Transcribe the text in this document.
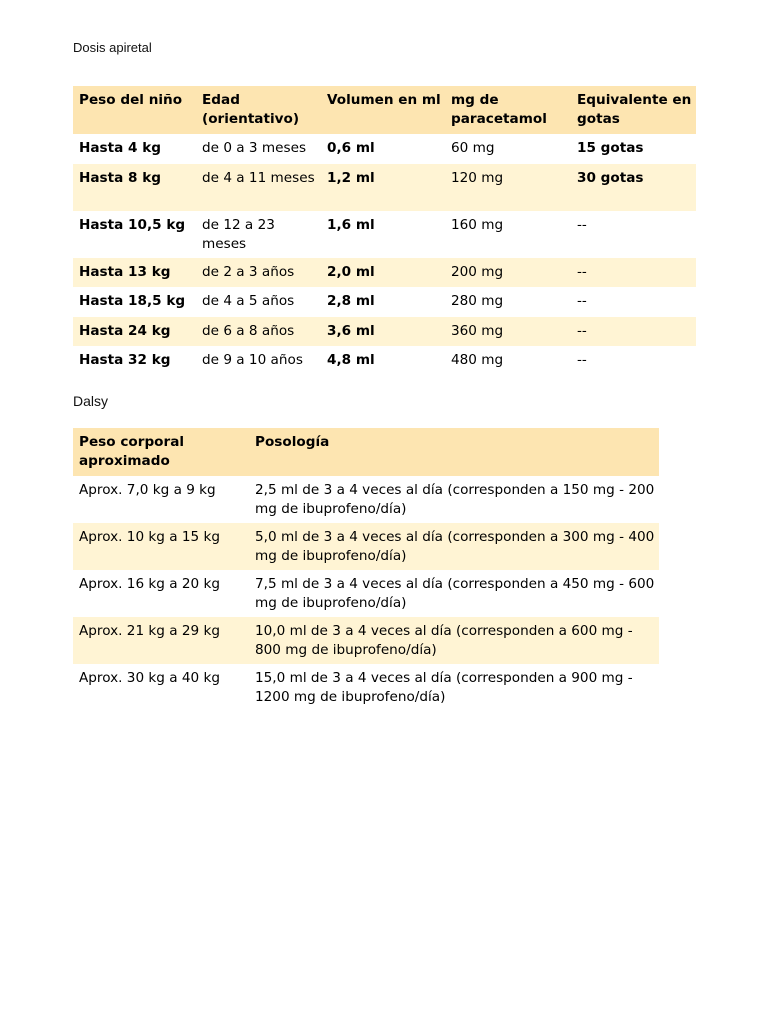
Dosis apiretal
Peso del niño	Edad (orientativo)	Volumen en ml	mg de paracetamol	Equivalente en gotas
Hasta 4 kg	de 0 a 3 meses	0,6 ml	60 mg	15 gotas
Hasta 8 kg	de 4 a 11 meses	1,2 ml	120 mg	30 gotas
Hasta 10,5 kg	de 12 a 23 meses	1,6 ml	160 mg	--
Hasta 13 kg	de 2 a 3 años	2,0 ml	200 mg	--
Hasta 18,5 kg	de 4 a 5 años	2,8 ml	280 mg	--
Hasta 24 kg	de 6 a 8 años	3,6 ml	360 mg	--
Hasta 32 kg	de 9 a 10 años	4,8 ml	480 mg	--
Dalsy
Peso corporal aproximado	Posología
Aprox. 7,0 kg a 9 kg	2,5 ml de 3 a 4 veces al día (corresponden a 150 mg - 200 mg de ibuprofeno/día)
Aprox. 10 kg a 15 kg	5,0 ml de 3 a 4 veces al día (corresponden a 300 mg - 400 mg de ibuprofeno/día)
Aprox. 16 kg a 20 kg	7,5 ml de 3 a 4 veces al día (corresponden a 450 mg - 600 mg de ibuprofeno/día)
Aprox. 21 kg a 29 kg	10,0 ml de 3 a 4 veces al día (corresponden a 600 mg - 800 mg de ibuprofeno/día)
Aprox. 30 kg a 40 kg	15,0 ml de 3 a 4 veces al día (corresponden a 900 mg - 1200 mg de ibuprofeno/día)
